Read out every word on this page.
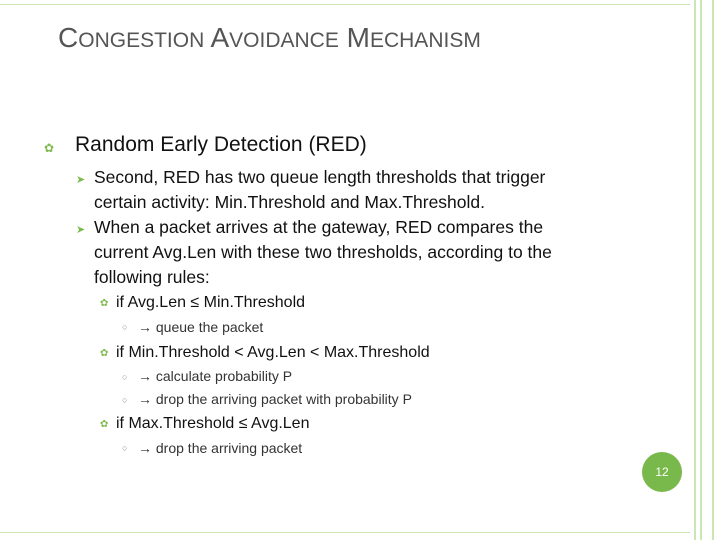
CONGESTION AVOIDANCE MECHANISM
✿ Random Early Detection (RED)
➤ Second, RED has two queue length thresholds that trigger
certain activity: Min.Threshold and Max.Threshold.
➤ When a packet arrives at the gateway, RED compares the
current Avg.Len with these two thresholds, according to the
following rules:
✿ if Avg.Len ≤ Min.Threshold
○ → queue the packet
✿ if Min.Threshold < Avg.Len < Max.Threshold
○ → calculate probability P
○ → drop the arriving packet with probability P
✿ if Max.Threshold ≤ Avg.Len
○ → drop the arriving packet
12
